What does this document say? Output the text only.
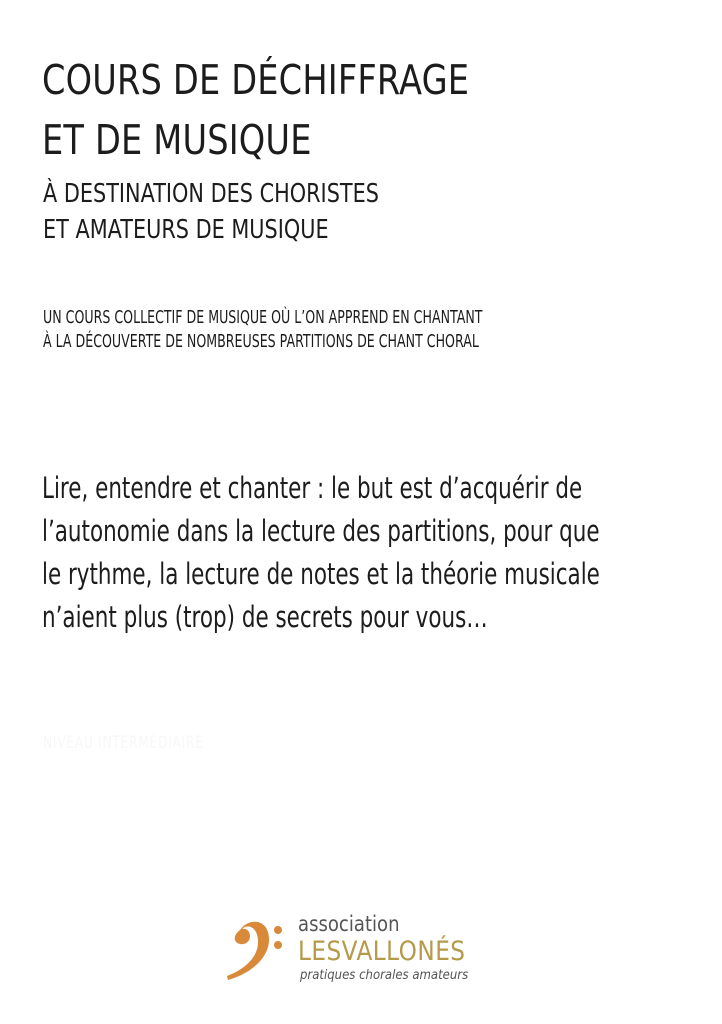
COURS DE DÉCHIFFRAGE
ET DE MUSIQUE
À DESTINATION DES CHORISTES
ET AMATEURS DE MUSIQUE

UN COURS COLLECTIF DE MUSIQUE OÙ L’ON APPREND EN CHANTANT
À LA DÉCOUVERTE DE NOMBREUSES PARTITIONS DE CHANT CHORAL

Lire, entendre et chanter : le but est d’acquérir de
l’autonomie dans la lecture des partitions, pour que
le rythme, la lecture de notes et la théorie musicale
n’aient plus (trop) de secrets pour vous…

NIVEAU INTERMÉDIAIRE

association
LESVALLONÉS
pratiques chorales amateurs
